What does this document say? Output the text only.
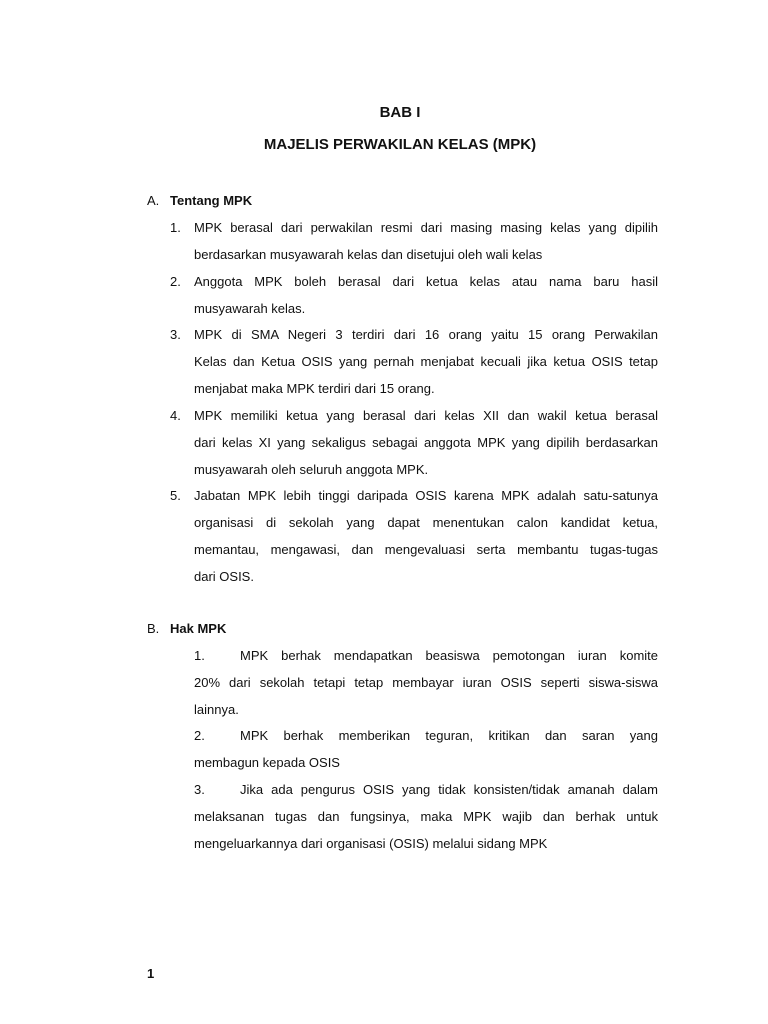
BAB I
MAJELIS PERWAKILAN KELAS (MPK)
A. Tentang MPK
1. MPK berasal dari perwakilan resmi dari masing masing kelas yang dipilih
berdasarkan musyawarah kelas dan disetujui oleh wali kelas
2. Anggota MPK boleh berasal dari ketua kelas atau nama baru hasil
musyawarah kelas.
3. MPK di SMA Negeri 3 terdiri dari 16 orang yaitu 15 orang Perwakilan
Kelas dan Ketua OSIS yang pernah menjabat kecuali jika ketua OSIS tetap
menjabat maka MPK terdiri dari 15 orang.
4. MPK memiliki ketua yang berasal dari kelas XII dan wakil ketua berasal
dari kelas XI yang sekaligus sebagai anggota MPK yang dipilih berdasarkan
musyawarah oleh seluruh anggota MPK.
5. Jabatan MPK lebih tinggi daripada OSIS karena MPK adalah satu-satunya
organisasi di sekolah yang dapat menentukan calon kandidat ketua,
memantau, mengawasi, dan mengevaluasi serta membantu tugas-tugas
dari OSIS.
B. Hak MPK
1.	MPK berhak mendapatkan beasiswa pemotongan iuran komite
20% dari sekolah tetapi tetap membayar iuran OSIS seperti siswa-siswa
lainnya.
2.	MPK berhak memberikan teguran, kritikan dan saran yang
membagun kepada OSIS
3.	Jika ada pengurus OSIS yang tidak konsisten/tidak amanah dalam
melaksanan tugas dan fungsinya, maka MPK wajib dan berhak untuk
mengeluarkannya dari organisasi (OSIS) melalui sidang MPK
1
